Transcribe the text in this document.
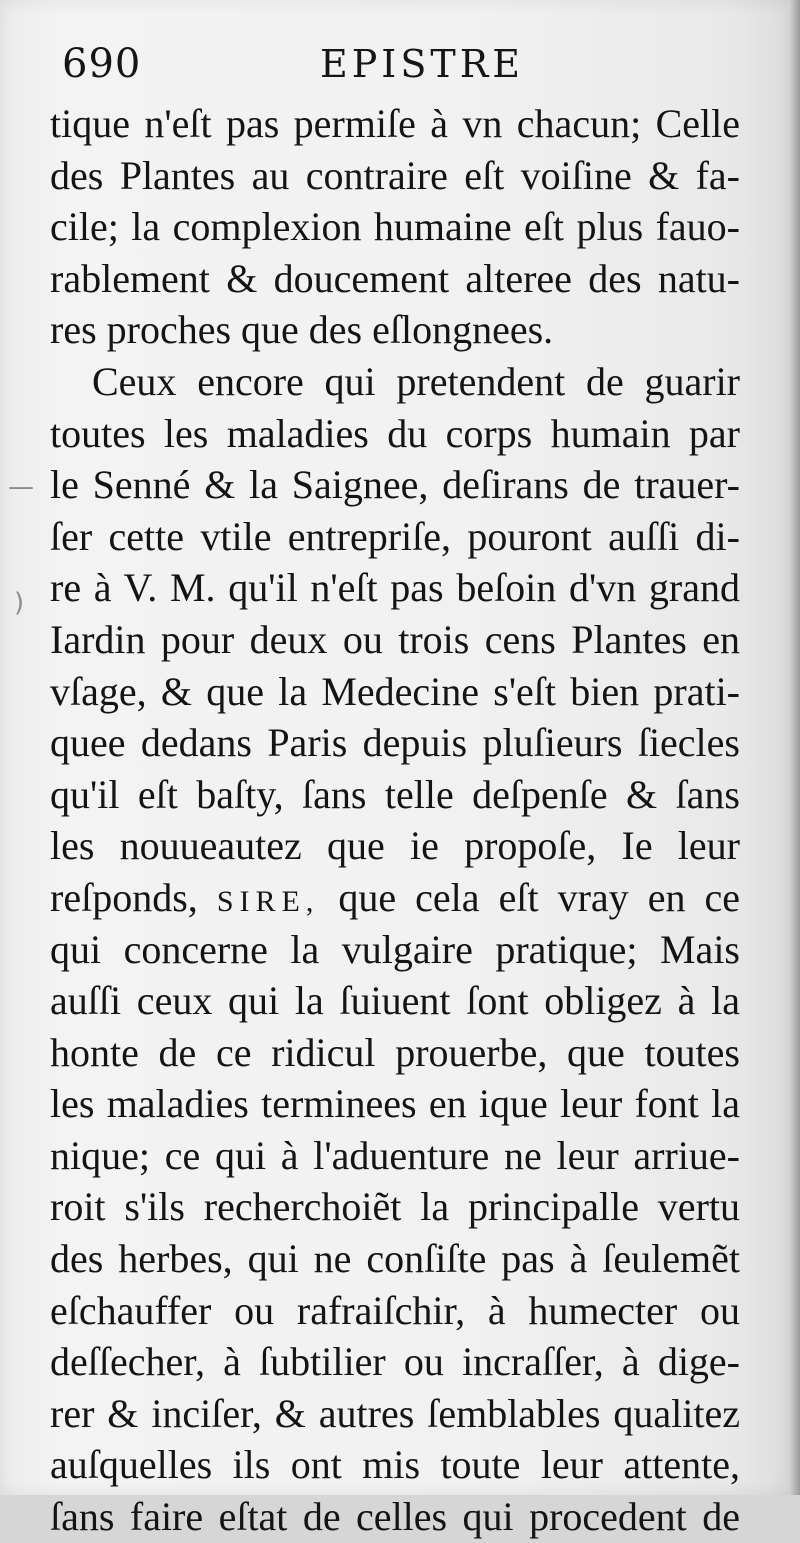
690	EPISTRE
tique n'eſt pas permiſe à vn chacun; Celle
des Plantes au contraire eſt voiſine & fa-
cile; la complexion humaine eſt plus fauo-
rablement & doucement alteree des natu-
res proches que des eſlongnees.
Ceux encore qui pretendent de guarir
toutes les maladies du corps humain par
le Senné & la Saignee, deſirans de trauer-
ſer cette vtile entrepriſe, pouront auſſi di-
re à V. M. qu'il n'eſt pas beſoin d'vn grand
Iardin pour deux ou trois cens Plantes en
vſage, & que la Medecine s'eſt bien prati-
quee dedans Paris depuis pluſieurs ſiecles
qu'il eſt baſty, ſans telle deſpenſe & ſans
les nouueautez que ie propoſe, Ie leur
reſponds, SIRE, que cela eſt vray en ce
qui concerne la vulgaire pratique; Mais
auſſi ceux qui la ſuiuent ſont obligez à la
honte de ce ridicul prouerbe, que toutes
les maladies terminees en ique leur font la
nique; ce qui à l'aduenture ne leur arriue-
roit s'ils recherchoiẽt la principalle vertu
des herbes, qui ne conſiſte pas à ſeulemẽt
eſchauffer ou rafraiſchir, à humecter ou
deſſecher, à ſubtilier ou incraſſer, à dige-
rer & inciſer, & autres ſemblables qualitez
auſquelles ils ont mis toute leur attente,
ſans faire eſtat de celles qui procedent de
—
)
